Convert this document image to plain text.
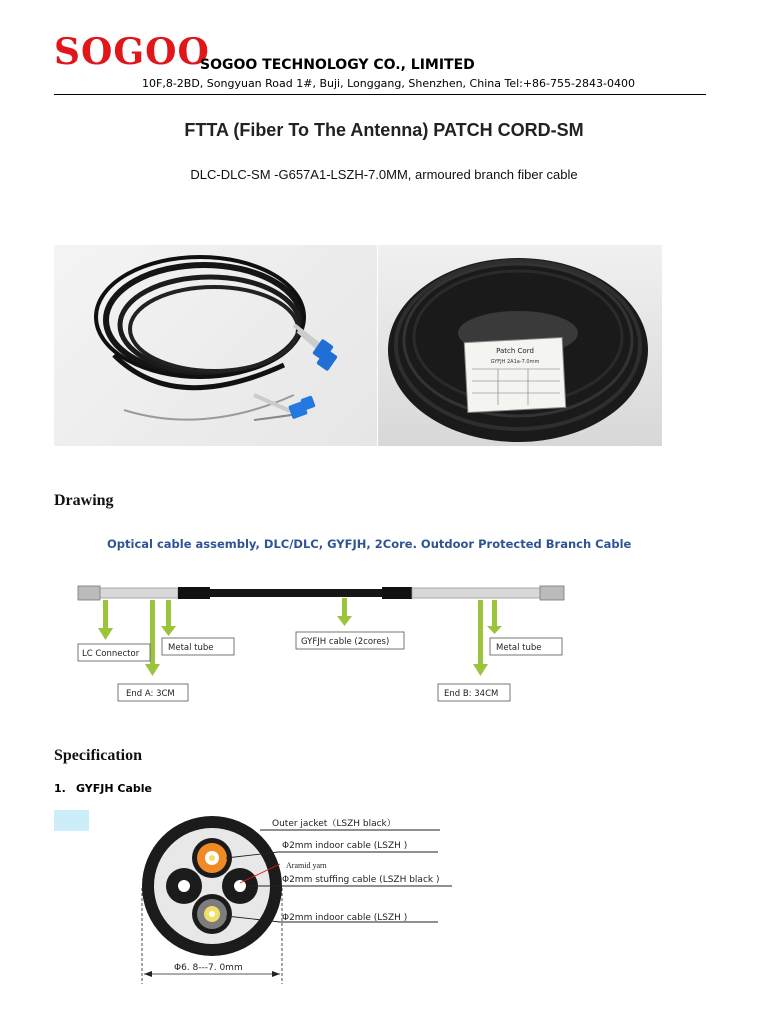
SOGOO
SOGOO TECHNOLOGY CO., LIMITED
10F,8-2BD, Songyuan Road 1#, Buji, Longgang, Shenzhen, China Tel:+86-755-2843-0400
FTTA (Fiber To The Antenna) PATCH CORD-SM
DLC-DLC-SM -G657A1-LSZH-7.0MM, armoured branch fiber cable
Patch Cord
GYFJH 2A1a-7.0mm
Drawing
Optical cable assembly, DLC/DLC, GYFJH, 2Core. Outdoor Protected Branch Cable
LC Connector
Metal tube
GYFJH cable (2cores)
Metal tube
End A: 3CM	End B: 34CM
Specification
1. GYFJH Cable
Outer jacket（LSZH black）
Φ2mm indoor cable (LSZH )
Aramid yarn
Φ2mm stuffing cable (LSZH black )
Φ2mm indoor cable (LSZH )
Φ6. 8---7. 0mm
